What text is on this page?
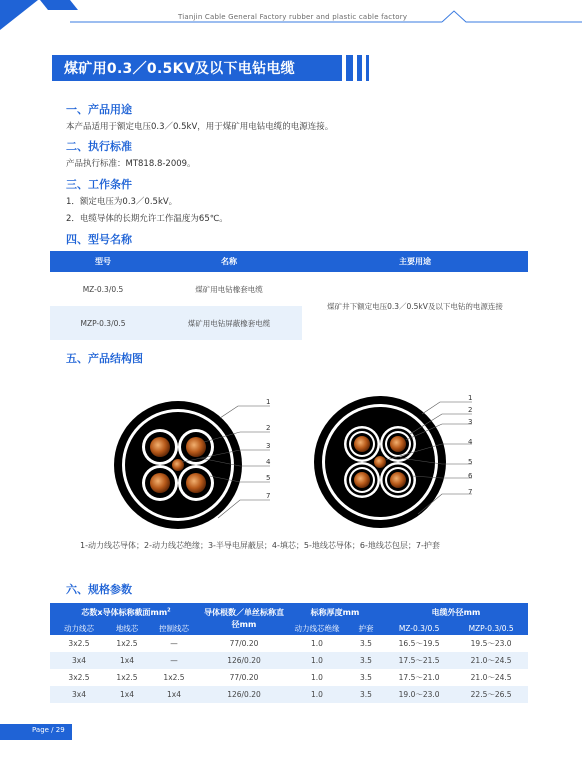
Tianjin Cable General Factory rubber and plastic cable factory
煤矿用0.3／0.5KV及以下电钻电缆
一、产品用途
本产品适用于额定电压0.3／0.5kV，用于煤矿用电钻电缆的电源连接。
二、执行标准
产品执行标准：MT818.8-2009。
三、工作条件
1．额定电压为0.3／0.5kV。
2．电缆导体的长期允许工作温度为65℃。
四、型号名称
型号	名称	主要用途
MZ-0.3/0.5	煤矿用电钻橡套电缆	煤矿井下额定电压0.3／0.5kV及以下电钻的电源连接
MZP-0.3/0.5	煤矿用电钻屏蔽橡套电缆	
五、产品结构图
1
2
3
4
5
7
1
2
3
4
5
6
7
1-动力线芯导体；2-动力线芯绝缘；3-半导电屏蔽层；4-填芯；5-地线芯导体；6-地线芯包层；7-护套
六、规格参数
芯数x导体标称截面$mm^2$			导体根数／单丝标称直径mm	标称厚度mm		电缆外径mm	
动力线芯	地线芯	控制线芯		动力线芯绝缘	护套	MZ-0.3/0.5	MZP-0.3/0.5
3x2.5	1x2.5	—	77/0.20	1.0	3.5	16.5～19.5	19.5～23.0
3x4	1x4	—	126/0.20	1.0	3.5	17.5～21.5	21.0～24.5
3x2.5	1x2.5	1x2.5	77/0.20	1.0	3.5	17.5～21.0	21.0～24.5
3x4	1x4	1x4	126/0.20	1.0	3.5	19.0～23.0	22.5～26.5
Page / 29
